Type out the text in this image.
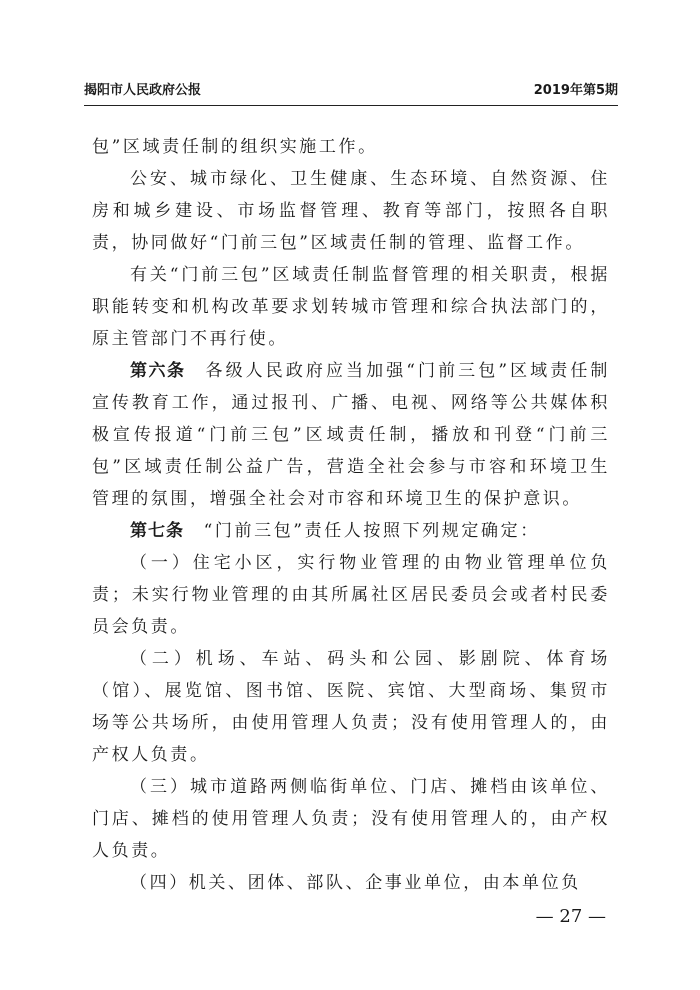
揭阳市人民政府公报	2019年第5期

包”区域责任制的组织实施工作。

公安、城市绿化、卫生健康、生态环境、自然资源、住房和城乡建设、市场监督管理、教育等部门，按照各自职责，协同做好“门前三包”区域责任制的管理、监督工作。

有关“门前三包”区域责任制监督管理的相关职责，根据职能转变和机构改革要求划转城市管理和综合执法部门的，原主管部门不再行使。

第六条　 各级人民政府应当加强“门前三包”区域责任制宣传教育工作，通过报刊、广播、电视、网络等公共媒体积极宣传报道“门前三包”区域责任制，播放和刊登“门前三包”区域责任制公益广告，营造全社会参与市容和环境卫生管理的氛围，增强全社会对市容和环境卫生的保护意识。

第七条　 “门前三包”责任人按照下列规定确定：

（一）住宅小区，实行物业管理的由物业管理单位负责；未实行物业管理的由其所属社区居民委员会或者村民委员会负责。

（二）机场、车站、码头和公园、影剧院、体育场（馆）、展览馆、图书馆、医院、宾馆、大型商场、集贸市场等公共场所，由使用管理人负责；没有使用管理人的，由产权人负责。

（三）城市道路两侧临街单位、门店、摊档由该单位、门店、摊档的使用管理人负责；没有使用管理人的，由产权人负责。

（四）机关、团体、部队、企事业单位，由本单位负

— 27 —
